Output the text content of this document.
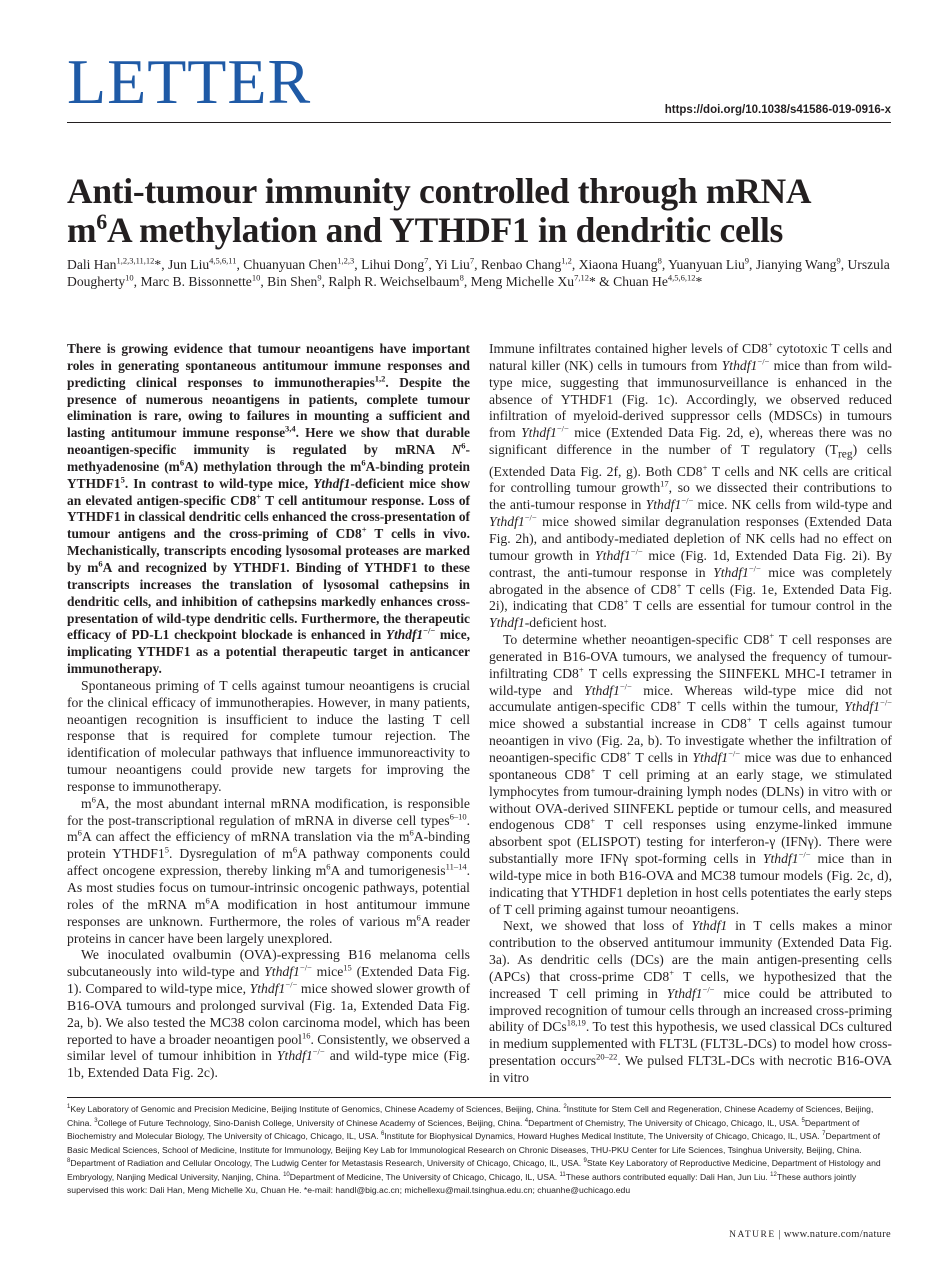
LETTER	https://doi.org/10.1038/s41586-019-0916-x
Anti-tumour immunity controlled through mRNA
$m^6A$ methylation and YTHDF1 in dendritic cells
Dali Han$^{1,2,3,11,12}$*, Jun Liu$^{4,5,6,11}$, Chuanyuan Chen$^{1,2,3}$, Lihui Dong$^7$, Yi Liu$^7$, Renbao Chang$^{1,2}$, Xiaona Huang$^8$, Yuanyuan Liu$^9$, Jianying Wang$^9$, Urszula Dougherty$^{10}$, Marc B. Bissonnette$^{10}$, Bin Shen$^9$, Ralph R. Weichselbaum$^8$, Meng Michelle Xu$^{7,12}$* & Chuan He$^{4,5,6,12}$*

There is growing evidence that tumour neoantigens have important roles in generating spontaneous antitumour immune responses and predicting clinical responses to immunotherapies$^{1,2}$. Despite the presence of numerous neoantigens in patients, complete tumour elimination is rare, owing to failures in mounting a sufficient and lasting antitumour immune response$^{3,4}$. Here we show that durable neoantigen-specific immunity is regulated by mRNA $N^6$-methyadenosine $(m^6A)$ methylation through the $m^6A$-binding protein $YTHDF1^5$. In contrast to wild-type mice, Ythdf1-deficient mice show an elevated antigen-specific CD8+ T cell antitumour response. Loss of YTHDF1 in classical dendritic cells enhanced the cross-presentation of tumour antigens and the cross-priming of CD8+ T cells in vivo. Mechanistically, transcripts encoding lysosomal proteases are marked by $m^6A$ and recognized by YTHDF1. Binding of YTHDF1 to these transcripts increases the translation of lysosomal cathepsins in dendritic cells, and inhibition of cathepsins markedly enhances cross-presentation of wild-type dendritic cells. Furthermore, the therapeutic efficacy of PD-L1 checkpoint blockade is enhanced in Ythdf1−/− mice, implicating YTHDF1 as a potential therapeutic target in anticancer immunotherapy.

Spontaneous priming of T cells against tumour neoantigens is crucial for the clinical efficacy of immunotherapies. However, in many patients, neoantigen recognition is insufficient to induce the lasting T cell response that is required for complete tumour rejection. The identification of molecular pathways that influence immunoreactivity to tumour neoantigens could provide new targets for improving the response to immunotherapy.

$m^6A$, the most abundant internal mRNA modification, is responsible for the post-transcriptional regulation of mRNA in diverse cell types$^{6-10}$. $m^6A$ can affect the efficiency of mRNA translation via the $m^6A$-binding protein $YTHDF1^5$. Dysregulation of $m^6A$ pathway components could affect oncogene expression, thereby linking $m^6A$ and tumorigenesis$^{11-14}$. As most studies focus on tumour-intrinsic oncogenic pathways, potential roles of the mRNA $m^6A$ modification in host antitumour immune responses are unknown. Furthermore, the roles of various $m^6A$ reader proteins in cancer have been largely unexplored.

We inoculated ovalbumin (OVA)-expressing B16 melanoma cells subcutaneously into wild-type and Ythdf1−/− mice$^{15}$ (Extended Data Fig. 1). Compared to wild-type mice, Ythdf1−/− mice showed slower growth of B16-OVA tumours and prolonged survival (Fig. 1a, Extended Data Fig. 2a, b). We also tested the MC38 colon carcinoma model, which has been reported to have a broader neoantigen pool$^{16}$. Consistently, we observed a similar level of tumour inhibition in Ythdf1−/− and wild-type mice (Fig. 1b, Extended Data Fig. 2c).

Immune infiltrates contained higher levels of CD8+ cytotoxic T cells and natural killer (NK) cells in tumours from Ythdf1−/− mice than from wild-type mice, suggesting that immunosurveillance is enhanced in the absence of YTHDF1 (Fig. 1c). Accordingly, we observed reduced infiltration of myeloid-derived suppressor cells (MDSCs) in tumours from Ythdf1−/− mice (Extended Data Fig. 2d, e), whereas there was no significant difference in the number of T regulatory $(T_{reg})$ cells (Extended Data Fig. 2f, g). Both CD8+ T cells and NK cells are critical for controlling tumour growth$^{17}$, so we dissected their contributions to the anti-tumour response in Ythdf1−/− mice. NK cells from wild-type and Ythdf1−/− mice showed similar degranulation responses (Extended Data Fig. 2h), and antibody-mediated depletion of NK cells had no effect on tumour growth in Ythdf1−/− mice (Fig. 1d, Extended Data Fig. 2i). By contrast, the anti-tumour response in Ythdf1−/− mice was completely abrogated in the absence of CD8+ T cells (Fig. 1e, Extended Data Fig. 2i), indicating that CD8+ T cells are essential for tumour control in the Ythdf1-deficient host.

To determine whether neoantigen-specific CD8+ T cell responses are generated in B16-OVA tumours, we analysed the frequency of tumour-infiltrating CD8+ T cells expressing the SIINFEKL MHC-I tetramer in wild-type and Ythdf1−/− mice. Whereas wild-type mice did not accumulate antigen-specific CD8+ T cells within the tumour, Ythdf1−/− mice showed a substantial increase in CD8+ T cells against tumour neoantigen in vivo (Fig. 2a, b). To investigate whether the infiltration of neoantigen-specific CD8+ T cells in Ythdf1−/− mice was due to enhanced spontaneous CD8+ T cell priming at an early stage, we stimulated lymphocytes from tumour-draining lymph nodes (DLNs) in vitro with or without OVA-derived SIINFEKL peptide or tumour cells, and measured endogenous CD8+ T cell responses using enzyme-linked immune absorbent spot (ELISPOT) testing for interferon-γ (IFNγ). There were substantially more IFNγ spot-forming cells in Ythdf1−/− mice than in wild-type mice in both B16-OVA and MC38 tumour models (Fig. 2c, d), indicating that YTHDF1 depletion in host cells potentiates the early steps of T cell priming against tumour neoantigens.

Next, we showed that loss of Ythdf1 in T cells makes a minor contribution to the observed antitumour immunity (Extended Data Fig. 3a). As dendritic cells (DCs) are the main antigen-presenting cells (APCs) that cross-prime CD8+ T cells, we hypothesized that the increased T cell priming in Ythdf1−/− mice could be attributed to improved recognition of tumour cells through an increased cross-priming ability of DCs$^{18,19}$. To test this hypothesis, we used classical DCs cultured in medium supplemented with FLT3L (FLT3L-DCs) to model how cross-presentation occurs$^{20-22}$. We pulsed FLT3L-DCs with necrotic B16-OVA in vitro

$^1$Key Laboratory of Genomic and Precision Medicine, Beijing Institute of Genomics, Chinese Academy of Sciences, Beijing, China. $^2$Institute for Stem Cell and Regeneration, Chinese Academy of Sciences, Beijing, China. $^3$College of Future Technology, Sino-Danish College, University of Chinese Academy of Sciences, Beijing, China. $^4$Department of Chemistry, The University of Chicago, Chicago, IL, USA. $^5$Department of Biochemistry and Molecular Biology, The University of Chicago, Chicago, IL, USA. $^6$Institute for Biophysical Dynamics, Howard Hughes Medical Institute, The University of Chicago, Chicago, IL, USA. $^7$Department of Basic Medical Sciences, School of Medicine, Institute for Immunology, Beijing Key Lab for Immunological Research on Chronic Diseases, THU-PKU Center for Life Sciences, Tsinghua University, Beijing, China. $^8$Department of Radiation and Cellular Oncology, The Ludwig Center for Metastasis Research, University of Chicago, Chicago, IL, USA. $^9$State Key Laboratory of Reproductive Medicine, Department of Histology and Embryology, Nanjing Medical University, Nanjing, China. $^{10}$Department of Medicine, The University of Chicago, Chicago, IL, USA. $^{11}$These authors contributed equally: Dali Han, Jun Liu. $^{12}$These authors jointly supervised this work: Dali Han, Meng Michelle Xu, Chuan He. *e-mail: handl@big.ac.cn; michellexu@mail.tsinghua.edu.cn; chuanhe@uchicago.edu
NATURE | www.nature.com/nature
